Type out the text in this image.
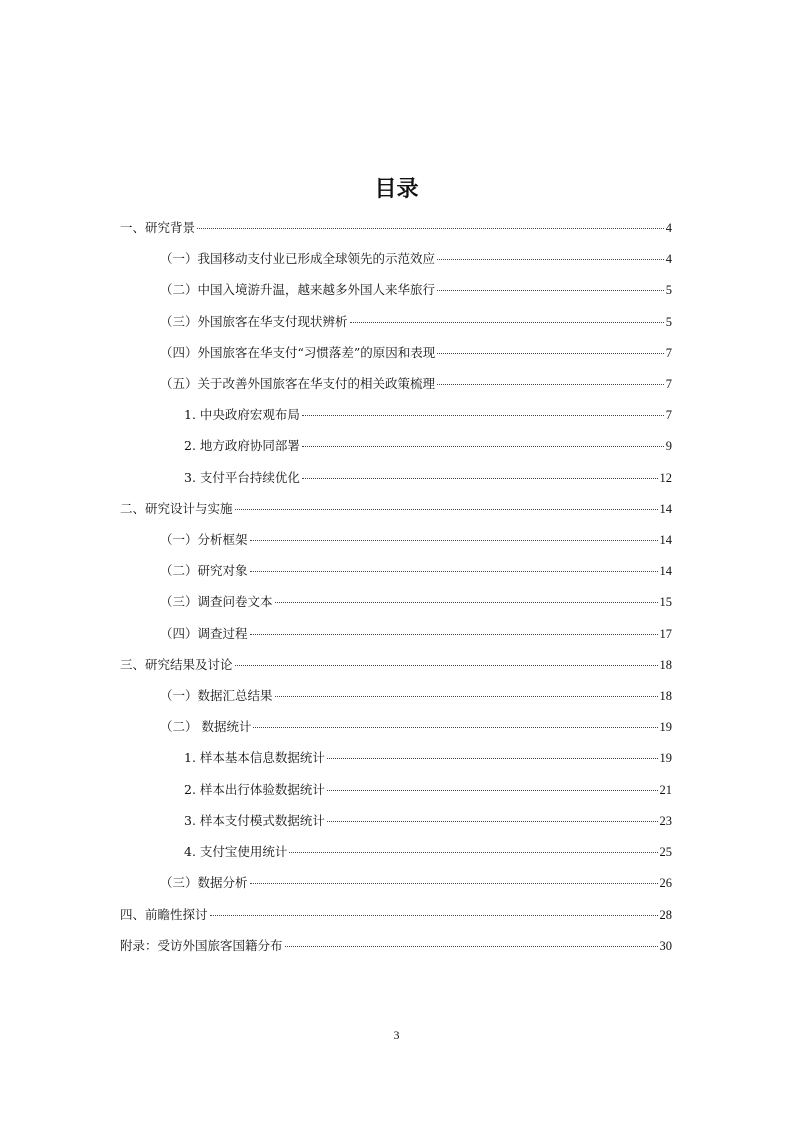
目录
一、研究背景	4
（一）我国移动支付业已形成全球领先的示范效应	4
（二）中国入境游升温，越来越多外国人来华旅行	5
（三）外国旅客在华支付现状辨析	5
（四）外国旅客在华支付“习惯落差”的原因和表现	7
（五）关于改善外国旅客在华支付的相关政策梳理	7
1. 中央政府宏观布局	7
2. 地方政府协同部署	9
3. 支付平台持续优化	12
二、研究设计与实施	14
（一）分析框架	14
（二）研究对象	14
（三）调查问卷文本	15
（四）调查过程	17
三、研究结果及讨论	18
（一）数据汇总结果	18
（二） 数据统计	19
1. 样本基本信息数据统计	19
2. 样本出行体验数据统计	21
3. 样本支付模式数据统计	23
4. 支付宝使用统计	25
（三）数据分析	26
四、前瞻性探讨	28
附录：受访外国旅客国籍分布	30
3
